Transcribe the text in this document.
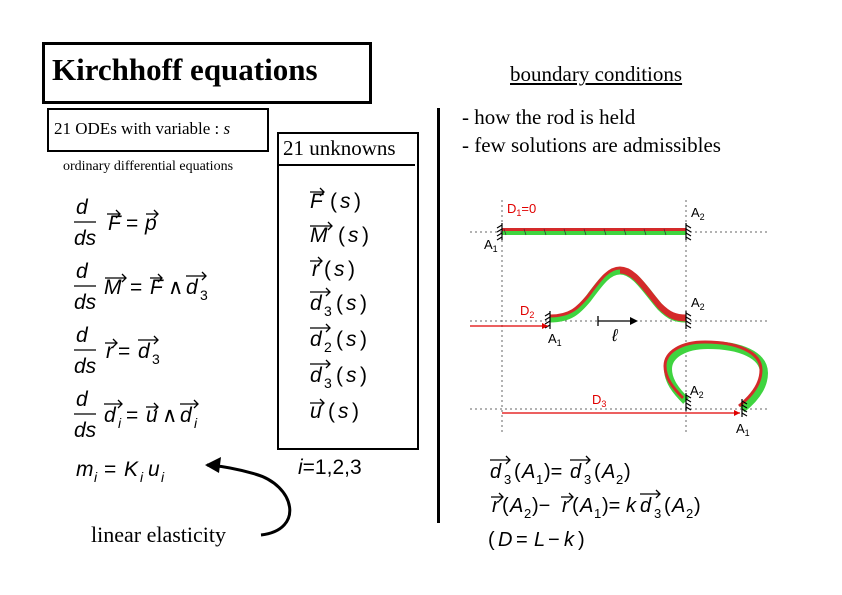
Kirchhoff equations
21 ODEs with variable : s
ordinary differential equations
d
ds
F = p
d
ds
M = F ∧ d 3
d
ds
r = d 3
d
ds
d i = u ∧ d i
m i = K i u i
21 unknowns
F ( s )
M ( s )
r ( s )
d 3 ( s )
d 2 ( s )
d 3 ( s )
u ( s )
i=1,2,3
linear elasticity
boundary conditions
- how the rod is held
- few solutions are admissibles
$D_1=0$	$A_2$
$A_1$
$D_2$
$A_2$
$A_1$	ℓ
$D_3$
$A_2$
$A_1$
d 3 ( A 1 )= d 3 ( A 2 )
r ( A 2 )− r ( A 1 )= k d 3 ( A 2 )
( D = L − k )
